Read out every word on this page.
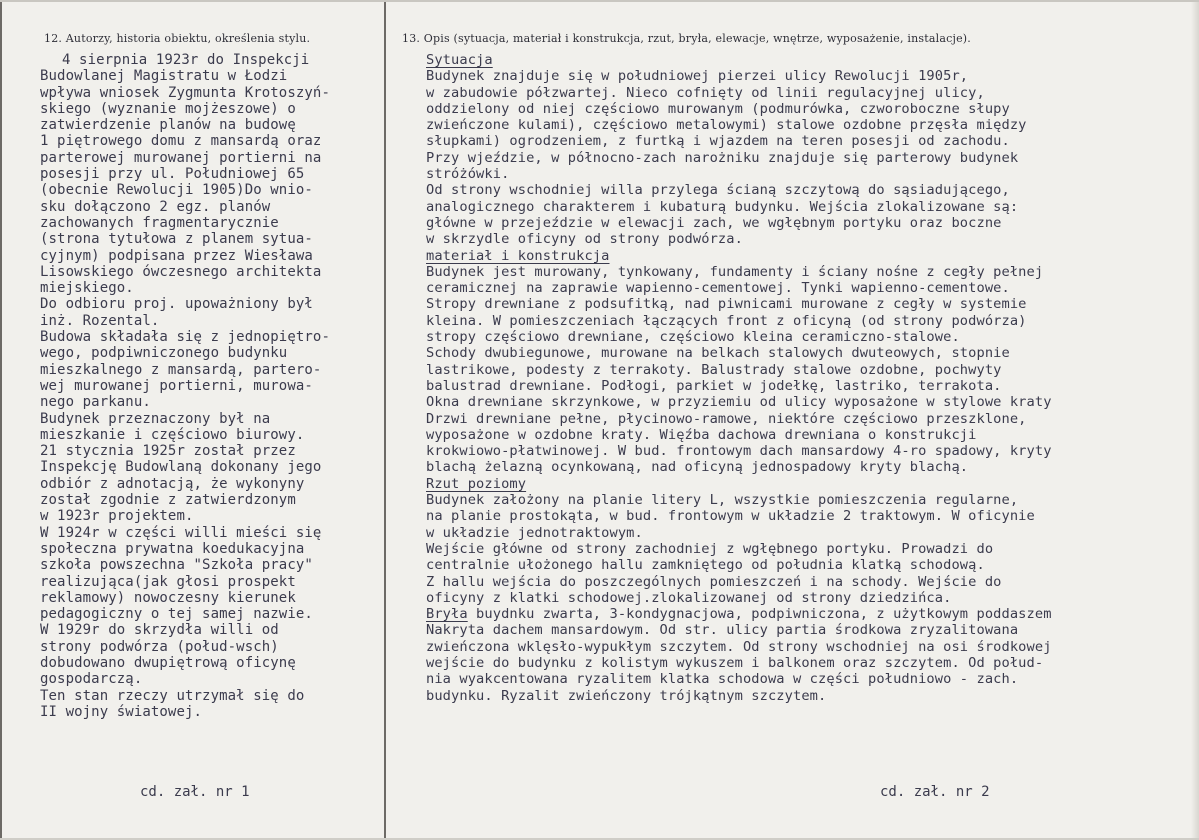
12. Autorzy, historia obiektu, określenia stylu.	13. Opis (sytuacja, materiał i konstrukcja, rzut, bryła, elewacje, wnętrze, wyposażenie, instalacje).
4 sierpnia 1923r do Inspekcji
Budowlanej Magistratu w Łodzi
wpływa wniosek Zygmunta Krotoszyń-
skiego (wyznanie mojżeszowe) o
zatwierdzenie planów na budowę
1 piętrowego domu z mansardą oraz
parterowej murowanej portierni na
posesji przy ul. Południowej 65
(obecnie Rewolucji 1905)Do wnio-
sku dołączono 2 egz. planów
zachowanych fragmentarycznie
(strona tytułowa z planem sytua-
cyjnym) podpisana przez Wiesława
Lisowskiego ówczesnego architekta
miejskiego.
Do odbioru proj. upoważniony był
inż. Rozental.
Budowa składała się z jednopiętro-
wego, podpiwniczonego budynku
mieszkalnego z mansardą, partero-
wej murowanej portierni, murowa-
nego parkanu.
Budynek przeznaczony był na
mieszkanie i częściowo biurowy.
21 stycznia 1925r został przez
Inspekcję Budowlaną dokonany jego
odbiór z adnotacją, że wykonyny
został zgodnie z zatwierdzonym
w 1923r projektem.
W 1924r w części willi mieści się
społeczna prywatna koedukacyjna
szkoła powszechna "Szkoła pracy"
realizująca(jak głosi prospekt
reklamowy) nowoczesny kierunek
pedagogiczny o tej samej nazwie.
W 1929r do skrzydła willi od
strony podwórza (połud-wsch)
dobudowano dwupiętrową oficynę
gospodarczą.
Ten stan rzeczy utrzymał się do
II wojny światowej.
Sytuacja
Budynek znajduje się w południowej pierzei ulicy Rewolucji 1905r,
w zabudowie półzwartej. Nieco cofnięty od linii regulacyjnej ulicy,
oddzielony od niej częściowo murowanym (podmurówka, czworoboczne słupy
zwieńczone kulami), częściowo metalowymi) stalowe ozdobne przęsła między
słupkami) ogrodzeniem, z furtką i wjazdem na teren posesji od zachodu.
Przy wjeździe, w północno-zach narożniku znajduje się parterowy budynek
stróżówki.
Od strony wschodniej willa przylega ścianą szczytową do sąsiadującego,
analogicznego charakterem i kubaturą budynku. Wejścia zlokalizowane są:
główne w przejeździe w elewacji zach, we wgłębnym portyku oraz boczne
w skrzydle oficyny od strony podwórza.
materiał i konstrukcja
Budynek jest murowany, tynkowany, fundamenty i ściany nośne z cegły pełnej
ceramicznej na zaprawie wapienno-cementowej. Tynki wapienno-cementowe.
Stropy drewniane z podsufitką, nad piwnicami murowane z cegły w systemie
kleina. W pomieszczeniach łączących front z oficyną (od strony podwórza)
stropy częściowo drewniane, częściowo kleina ceramiczno-stalowe.
Schody dwubiegunowe, murowane na belkach stalowych dwuteowych, stopnie
lastrikowe, podesty z terrakoty. Balustrady stalowe ozdobne, pochwyty
balustrad drewniane. Podłogi, parkiet w jodełkę, lastriko, terrakota.
Okna drewniane skrzynkowe, w przyziemiu od ulicy wyposażone w stylowe kraty
Drzwi drewniane pełne, płycinowo-ramowe, niektóre częściowo przeszklone,
wyposażone w ozdobne kraty. Więźba dachowa drewniana o konstrukcji
krokwiowo-płatwinowej. W bud. frontowym dach mansardowy 4-ro spadowy, kryty
blachą żelazną ocynkowaną, nad oficyną jednospadowy kryty blachą.
Rzut poziomy
Budynek założony na planie litery L, wszystkie pomieszczenia regularne,
na planie prostokąta, w bud. frontowym w układzie 2 traktowym. W oficynie
w układzie jednotraktowym.
Wejście główne od strony zachodniej z wgłębnego portyku. Prowadzi do
centralnie ułożonego hallu zamkniętego od południa klatką schodową.
Z hallu wejścia do poszczególnych pomieszczeń i na schody. Wejście do
oficyny z klatki schodowej.zlokalizowanej od strony dziedzińca.
Bryła buydnku zwarta, 3-kondygnacjowa, podpiwniczona, z użytkowym poddaszem
Nakryta dachem mansardowym. Od str. ulicy partia środkowa zryzalitowana
zwieńczona wklęsło-wypukłym szczytem. Od strony wschodniej na osi środkowej
wejście do budynku z kolistym wykuszem i balkonem oraz szczytem. Od połud-
nia wyakcentowana ryzalitem klatka schodowa w części południowo - zach.
budynku. Ryzalit zwieńczony trójkątnym szczytem.
cd. zał. nr 1	cd. zał. nr 2
